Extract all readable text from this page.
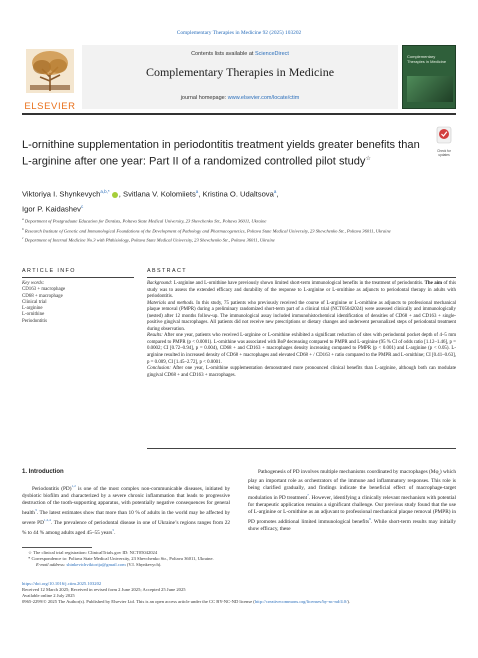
Complementary Therapies in Medicine 92 (2025) 103202
ELSEVIER
Contents lists available at ScienceDirect
Complementary Therapies in Medicine
journal homepage: www.elsevier.com/locate/ctim
Complementary Therapies in Medicine
Check for updates
L-ornithine supplementation in periodontitis treatment yields greater benefits than L-arginine after one year: Part II of a randomized controlled pilot study☆
Viktoriya I. Shynkevych$^{a,b,*}$ , Svitlana V. Kolomiiets$^a$, Kristina O. Udaltsova$^a$,
Igor P. Kaidashev$^c$
$^a$ Department of Postgraduate Education for Dentists, Poltava State Medical University, 23 Shevchenko Str., Poltava 36011, Ukraine
$^b$ Research Institute of Genetic and Immunological Foundations of the Development of Pathology and Pharmacogenetics, Poltava State Medical University, 23 Shevchenko Str., Poltava 36011, Ukraine
$^c$ Department of Internal Medicine No.3 with Phthisiology, Poltava State Medical University, 23 Shevchenko Str., Poltava 36011, Ukraine
ARTICLE INFO	ABSTRACT
Key words:
CD163 + macrophage
CD68 + macrophage
Clinical trial
L-arginine
L-ornithine
Periodontitis

Background: L-arginine and L-ornithine have previously shown limited short-term immunological benefits in the treatment of periodontitis. The aim of this study was to assess the extended efficacy and durability of the response to L-arginine or L-ornithine as adjuncts to periodontal therapy in adults with periodontitis.

Materials and methods. In this study, 75 patients who previously received the course of L-arginine or L-ornithine as adjuncts to professional mechanical plaque removal (PMPR) during a preliminary randomized short-term part of a clinical trial (NCT05042024) were assessed clinically and immunologically (nested) after 12 months follow-up. The immunological assay included immunohistochemical identification of densities of CD68 + and CD163 + single-positive gingival macrophages. All patients did not receive new prescriptions or dietary changes and underwent personalized steps of periodontal treatment during observation.

Results: After one year, patients who received L-arginine or L-ornithine exhibited a significant reduction of sites with periodontal pocket depth of 4–5 mm compared to PMPR (p < 0.0001). L-ornithine was associated with BoP decreasing compared to PMPR and L-arginine (95 % CI of odds ratio [1.12–1.46], p = 0.0002; CI [0.72–0.94], p = 0.004), CD68 + and CD163 + macrophages density increasing compared to PMPR (p < 0.001) and L-arginine (p < 0.05). L-arginine resulted in increased density of CD68 + macrophages and elevated CD68 + / CD163 + ratio compared to the PMPR and L-ornithine; CI [0.41–0.63], p = 0.009, CI [1.45–2.72], p < 0.0001.

Conclusion: After one year, L-ornithine supplementation demonstrated more pronounced clinical benefits than L-arginine, although both can modulate gingival CD68 + and CD163 + macrophages.

1. Introduction
Periodontitis (PD)$^{1,2}$ is one of the most complex non-communicable diseases, initiated by dysbiotic biofilm and characterized by a severe chronic inflammation that leads to progressive destruction of the tooth-supporting apparatus, with potentially negative consequences for general health$^3$. The latest estimates show that more than 10 % of adults in the world may be affected by severe PD$^{1,2,4}$. The prevalence of periodontal disease in one of Ukraine’s regions ranges from 22 % to 44 % among adults aged 45–55 years$^5$.
Pathogenesis of PD involves multiple mechanisms coordinated by macrophages $(M\varphi_s)$ which play an important role as orchestrators of the immune and inflammatory responses. This role is being clarified gradually, and findings indicate the beneficial effect of macrophage-target modulation in PD treatment$^7$. However, identifying a clinically relevant mechanism with potential for therapeutic application remains a significant challenge. Our previous study found that the use of L-arginine or L-ornithine as an adjuvant to professional mechanical plaque removal (PMPR) in PD promotes additional limited immunological benefits$^8$. While short-term results may initially show efficacy, these
☆ The clinical trial registration: ClinicalTrials.gov ID: NCT05042024
* Correspondence to: Poltava State Medical University, 23 Shevchenko Str., Poltava 36011, Ukraine.
E-mail address: shinkevichviktorija@gmail.com (V.I. Shynkevych).
https://doi.org/10.1016/j.ctim.2025.103202
Received 12 March 2025; Received in revised form 2 June 2025; Accepted 25 June 2025
Available online 2 July 2025
0965-2299/© 2025 The Author(s). Published by Elsevier Ltd. This is an open access article under the CC BY-NC-ND license (http://creativecommons.org/licenses/by-nc-nd/4.0/).
